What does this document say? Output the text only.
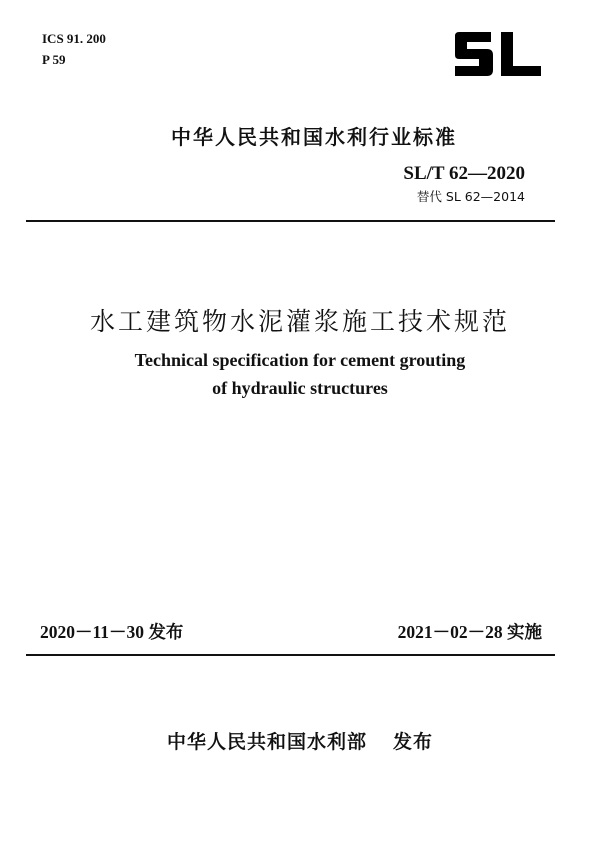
ICS 91. 200
P 59
中华人民共和国水利行业标准
SL/T 62—2020
替代 SL 62—2014
水工建筑物水泥灌浆施工技术规范
Technical specification for cement grouting
of hydraulic structures
2020－11－30 发布	2021－02－28 实施
中华人民共和国水利部 发布
